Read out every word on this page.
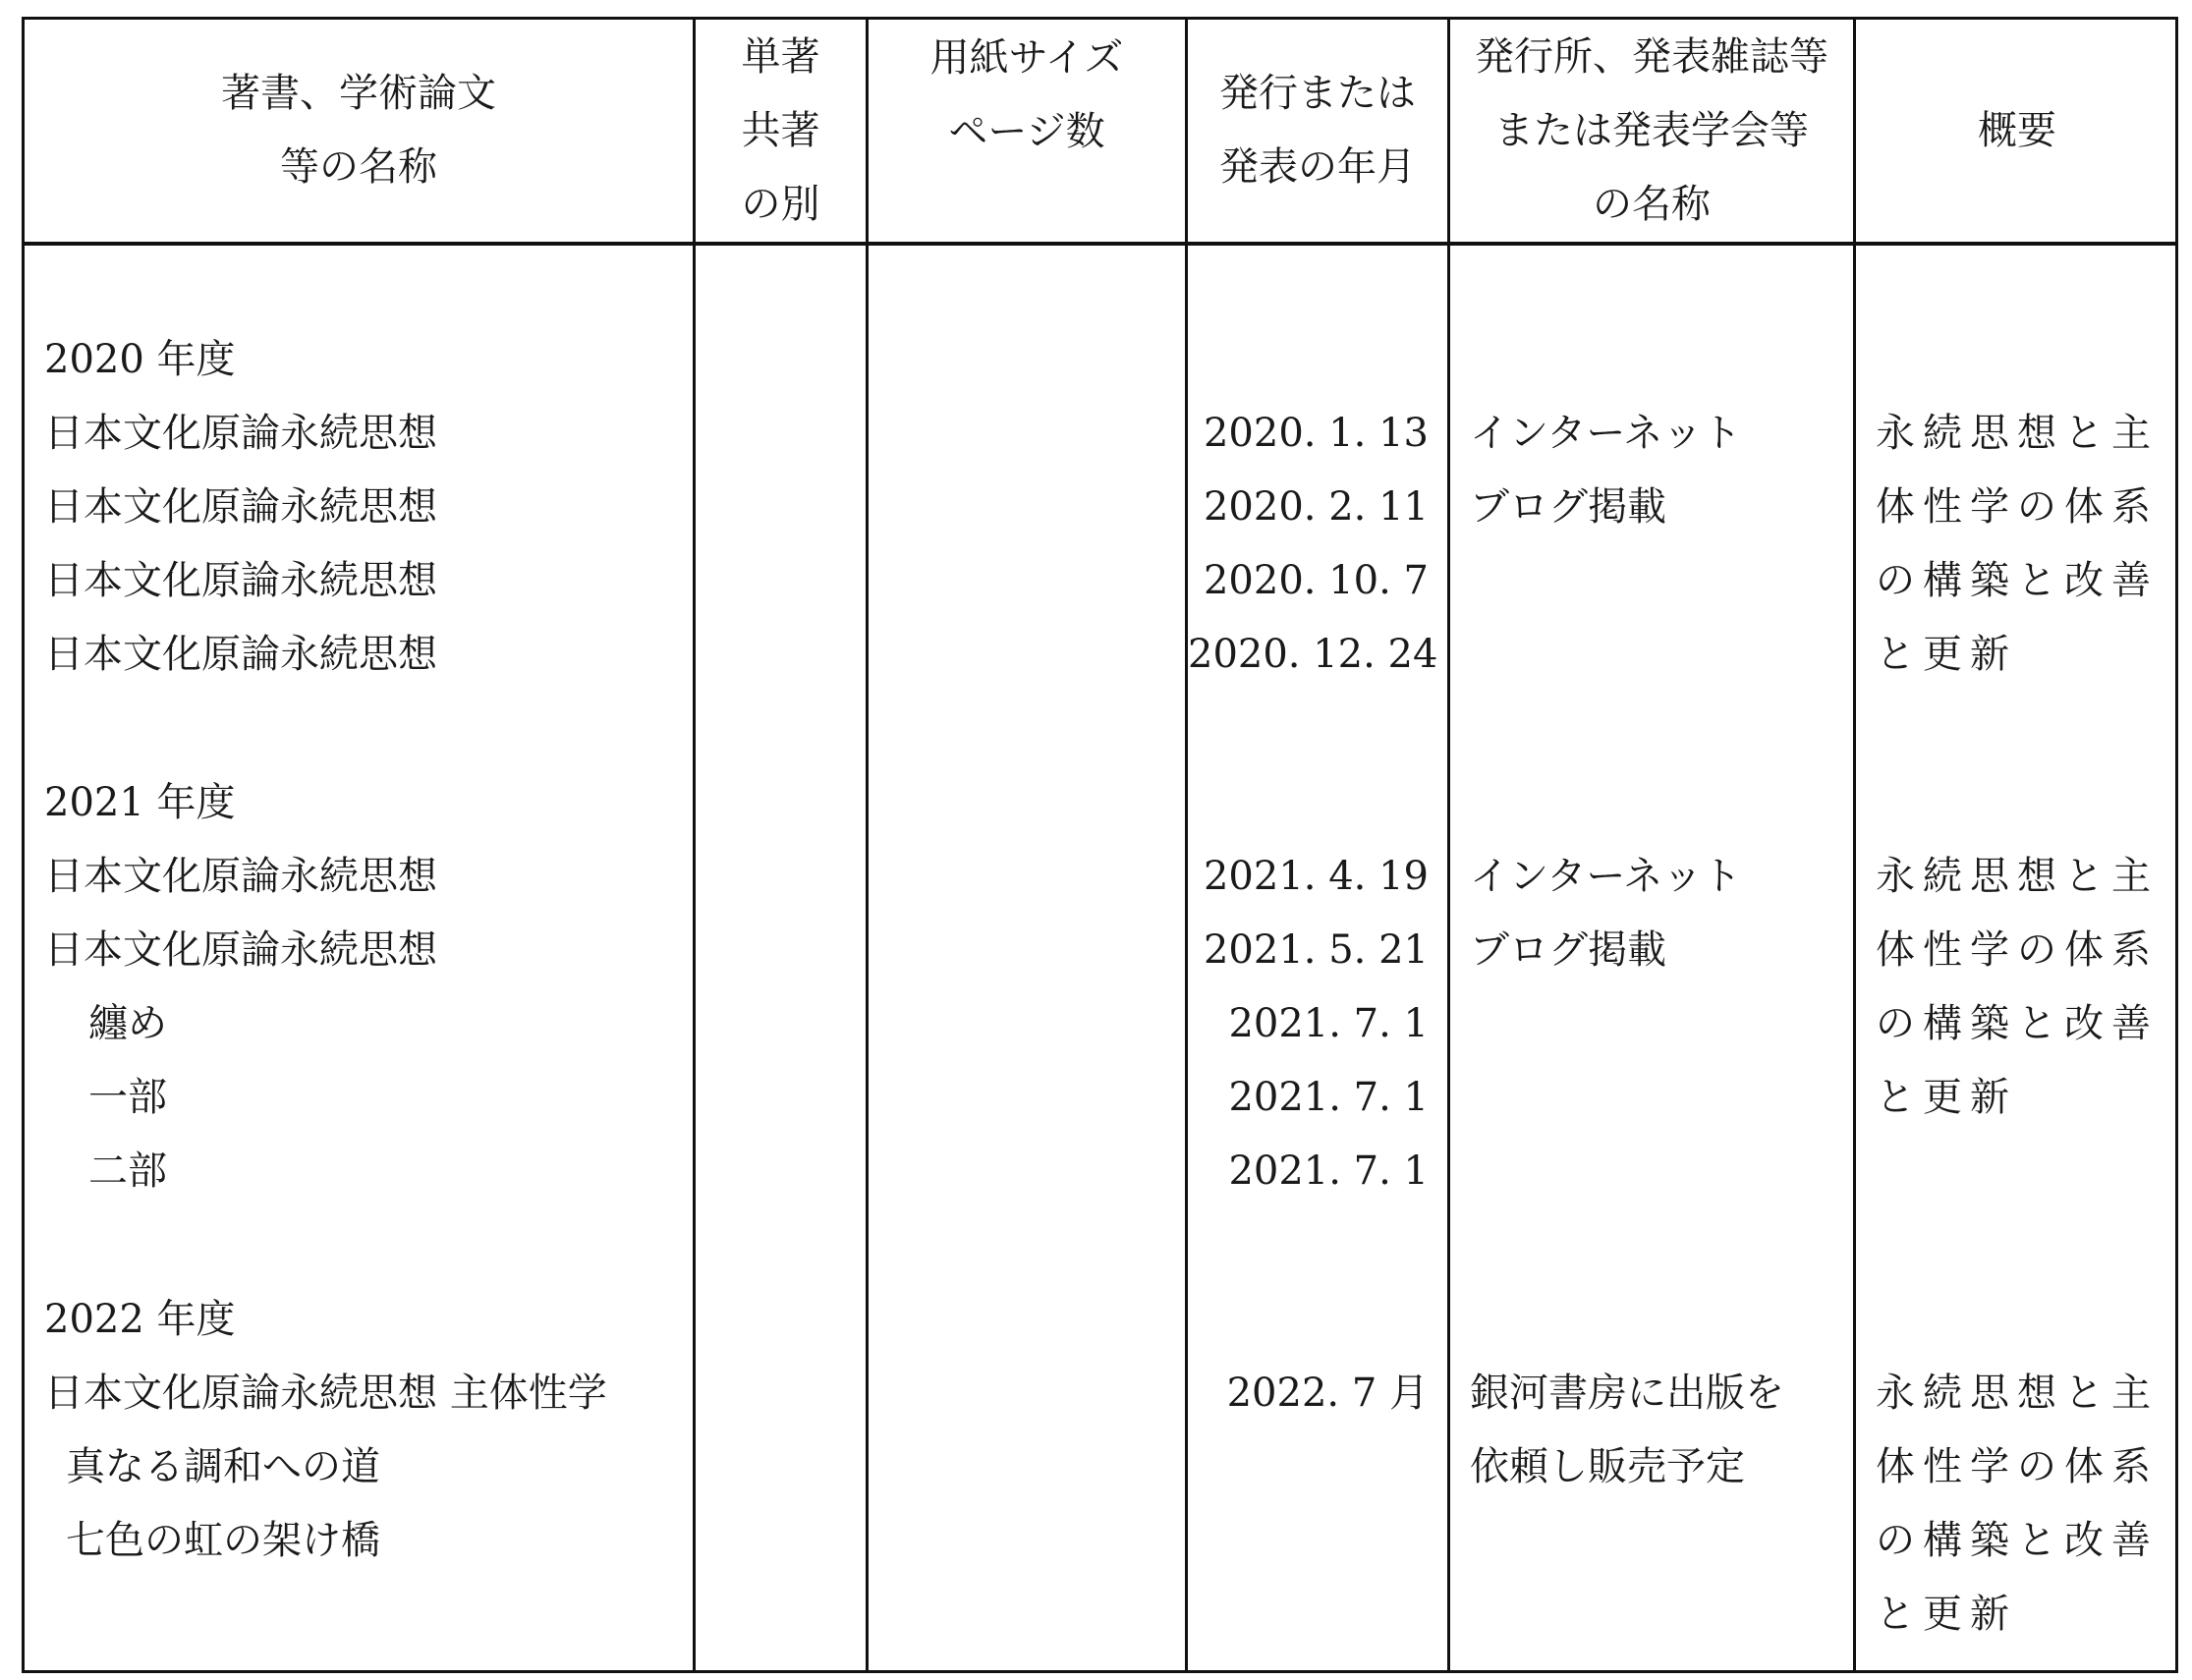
著書、学術論文
等の名称
単著
共著
の別
用紙サイズ
ページ数
発行または
発表の年月
発行所、発表雑誌等
または発表学会等
の名称
概要
2020 年度
日本文化原論永続思想
日本文化原論永続思想
日本文化原論永続思想
日本文化原論永続思想
2020. 1. 13
2020. 2. 11
2020. 10. 7
2020. 12. 24
インターネット
ブログ掲載
永続思想と主
体性学の体系
の構築と改善
と更新
2021 年度
日本文化原論永続思想
日本文化原論永続思想
纏め
一部
二部
2021. 4. 19
2021. 5. 21
2021. 7. 1
2021. 7. 1
2021. 7. 1
インターネット
ブログ掲載
永続思想と主
体性学の体系
の構築と改善
と更新
2022 年度
日本文化原論永続思想 主体性学
真なる調和への道
七色の虹の架け橋
2022. 7 月 銀河書房に出版を
依頼し販売予定
永続思想と主
体性学の体系
の構築と改善
と更新
